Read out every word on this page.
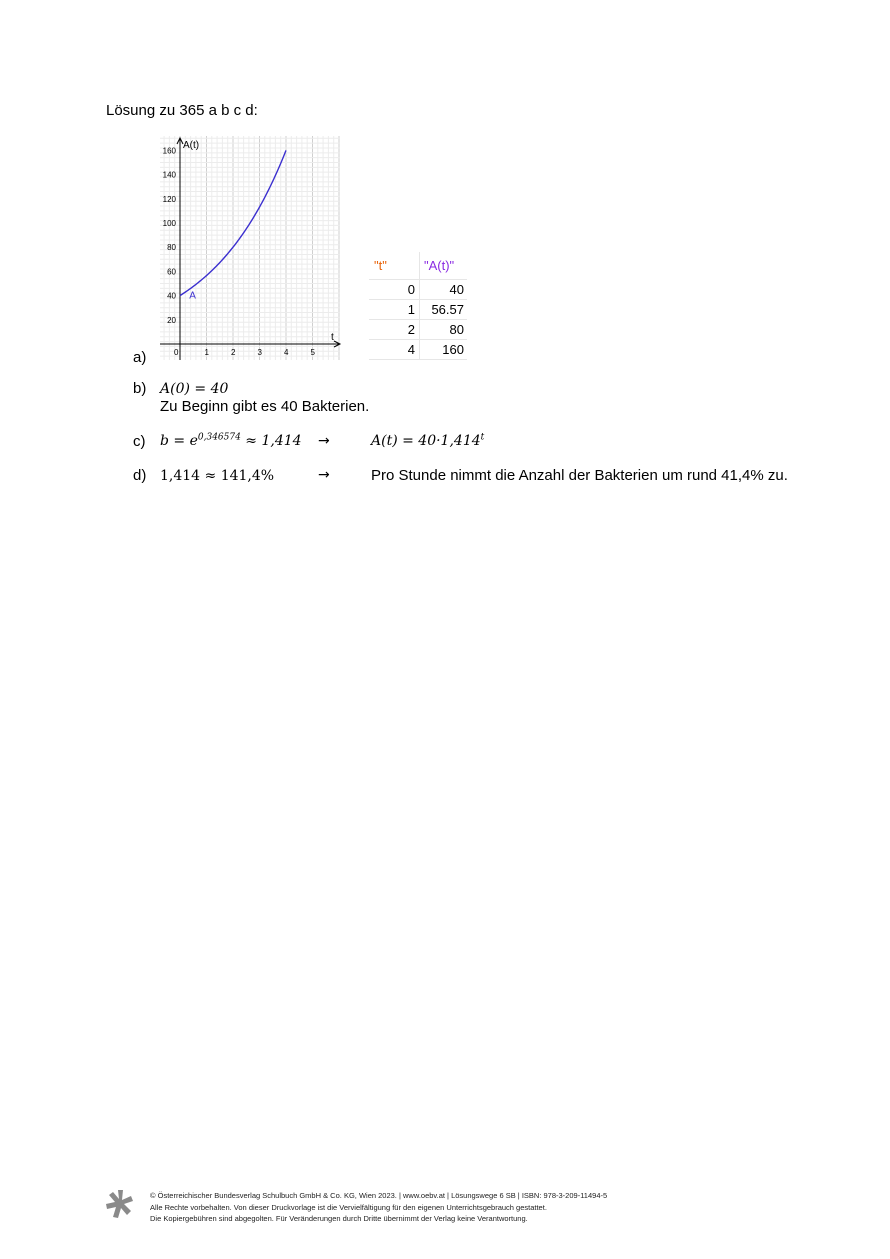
Lösung zu 365 a b c d:
a)	0	1	2	3	4	5
20
40
60
80
100
120
140
160
A
A(t)
t
"t"	"A(t)"
0	40
1	56.57
2	80
4	160
b) A(0) = 40
Zu Beginn gibt es 40 Bakterien.
c) $b = e^{0,346574} \approx 1,414$ →	$A(t) = 40\cdot 1,414^t$
d) 1,414 ≈ 141,4%	→	Pro Stunde nimmt die Anzahl der Bakterien um rund 41,4% zu.
© Österreichischer Bundesverlag Schulbuch GmbH & Co. KG, Wien 2023. | www.oebv.at | Lösungswege 6 SB | ISBN: 978-3-209-11494-5
Alle Rechte vorbehalten. Von dieser Druckvorlage ist die Vervielfältigung für den eigenen Unterrichtsgebrauch gestattet.
Die Kopiergebühren sind abgegolten. Für Veränderungen durch Dritte übernimmt der Verlag keine Verantwortung.
